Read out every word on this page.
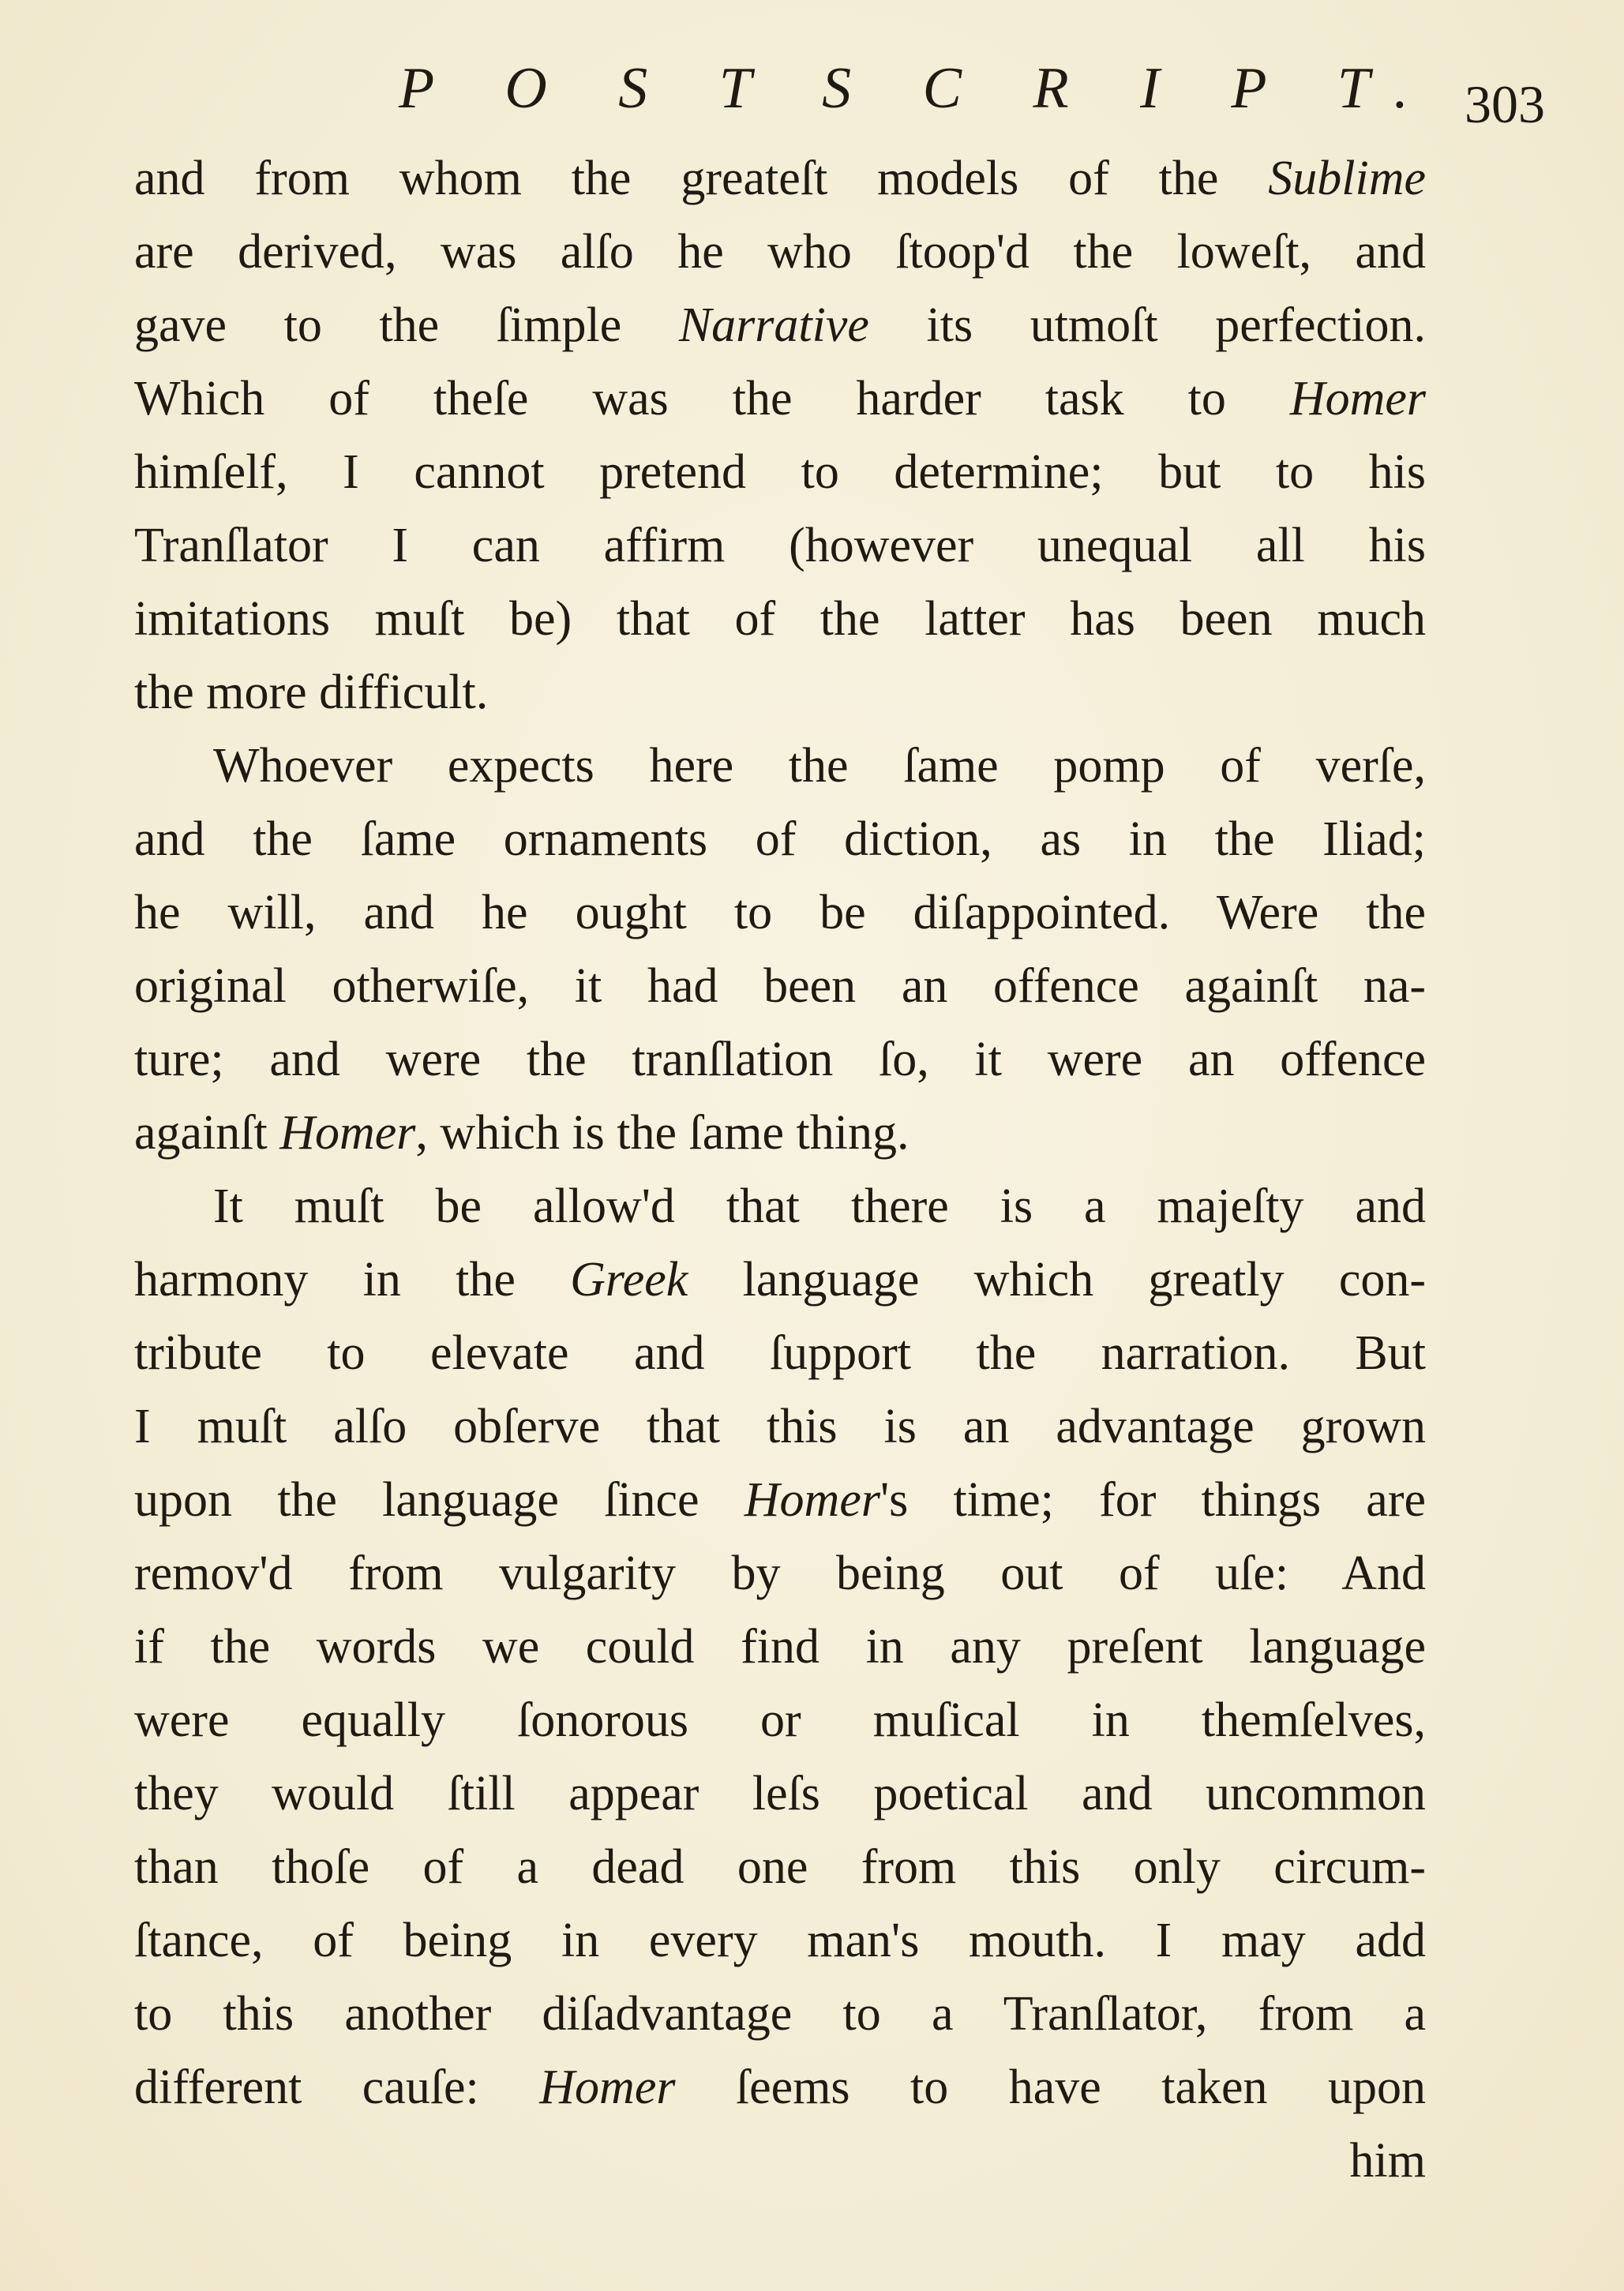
P O S T S C R I P T. 303
and from whom the greateſt models of the Sublime
are derived, was alſo he who ſtoop'd the loweſt, and
gave to the ſimple Narrative its utmoſt perfection.
Which of theſe was the harder task to Homer
himſelf, I cannot pretend to determine; but to his
Tranſlator I can affirm (however unequal all his
imitations muſt be) that of the latter has been much
the more difficult.
Whoever expects here the ſame pomp of verſe,
and the ſame ornaments of diction, as in the Iliad;
he will, and he ought to be diſappointed. Were the
original otherwiſe, it had been an offence againſt na-
ture; and were the tranſlation ſo, it were an offence
againſt Homer, which is the ſame thing.
It muſt be allow'd that there is a majeſty and
harmony in the Greek language which greatly con-
tribute to elevate and ſupport the narration. But
I muſt alſo obſerve that this is an advantage grown
upon the language ſince Homer's time; for things are
remov'd from vulgarity by being out of uſe: And
if the words we could find in any preſent language
were equally ſonorous or muſical in themſelves,
they would ſtill appear leſs poetical and uncommon
than thoſe of a dead one from this only circum-
ſtance, of being in every man's mouth. I may add
to this another diſadvantage to a Tranſlator, from a
different cauſe: Homer ſeems to have taken upon
him
